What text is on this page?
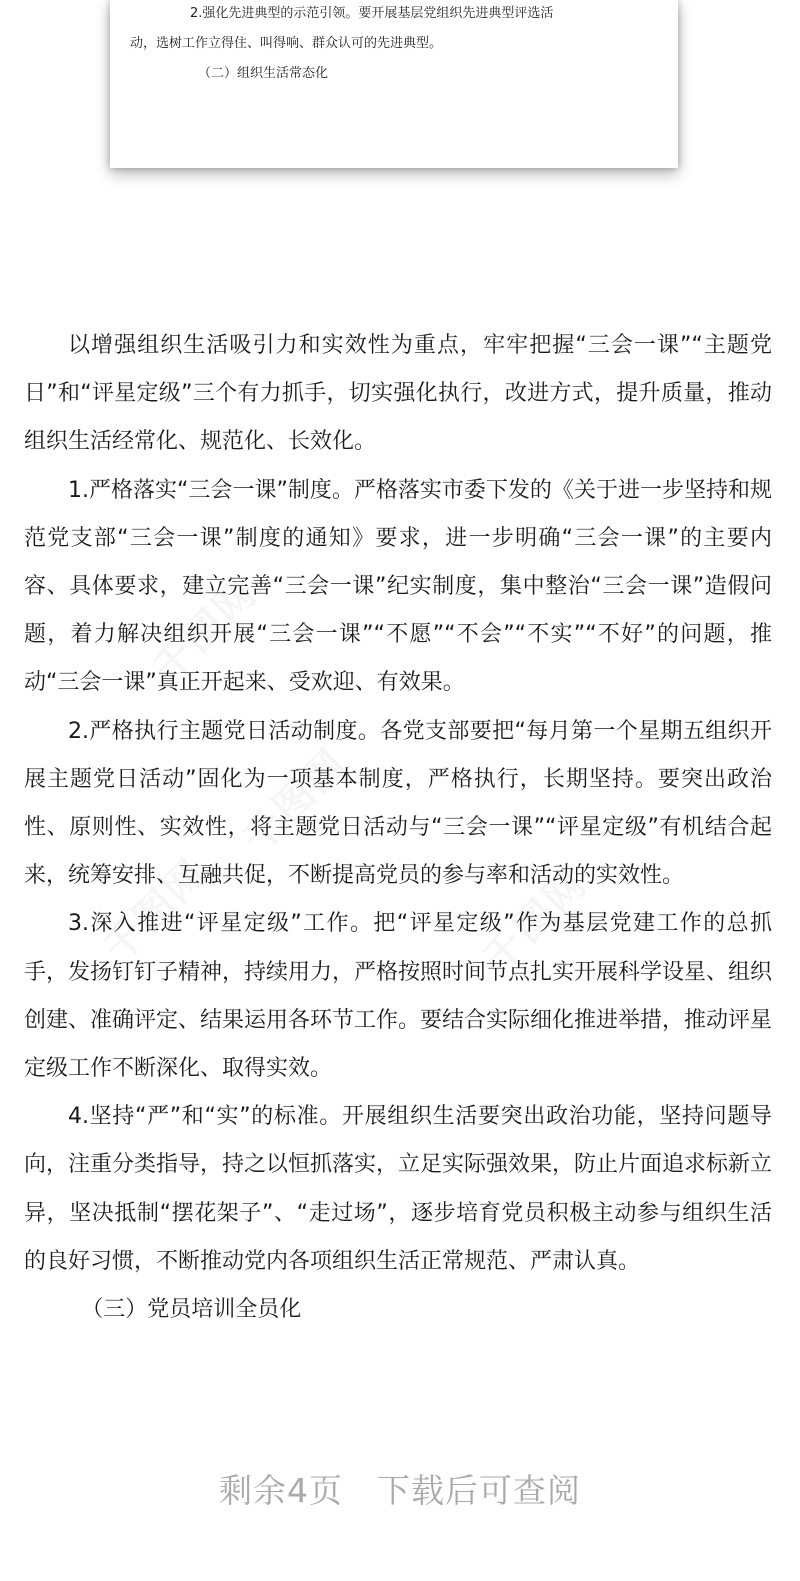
2.强化先进典型的示范引领。要开展基层党组织先进典型评选活
动，选树工作立得住、叫得响、群众认可的先进典型。
（二）组织生活常态化
千图网
千图网
千图网	千图网

以增强组织生活吸引力和实效性为重点，牢牢把握“三会一课”“主题党日”和“评星定级”三个有力抓手，切实强化执行，改进方式，提升质量，推动组织生活经常化、规范化、长效化。

1.严格落实“三会一课”制度。严格落实市委下发的《关于进一步坚持和规范党支部“三会一课”制度的通知》要求，进一步明确“三会一课”的主要内容、具体要求，建立完善“三会一课”纪实制度，集中整治“三会一课”造假问题，着力解决组织开展“三会一课”“不愿”“不会”“不实”“不好”的问题，推动“三会一课”真正开起来、受欢迎、有效果。

2.严格执行主题党日活动制度。各党支部要把“每月第一个星期五组织开展主题党日活动”固化为一项基本制度，严格执行，长期坚持。要突出政治性、原则性、实效性，将主题党日活动与“三会一课”“评星定级”有机结合起来，统筹安排、互融共促，不断提高党员的参与率和活动的实效性。

3.深入推进“评星定级”工作。把“评星定级”作为基层党建工作的总抓手，发扬钉钉子精神，持续用力，严格按照时间节点扎实开展科学设星、组织创建、准确评定、结果运用各环节工作。要结合实际细化推进举措，推动评星定级工作不断深化、取得实效。

4.坚持“严”和“实”的标准。开展组织生活要突出政治功能，坚持问题导向，注重分类指导，持之以恒抓落实，立足实际强效果，防止片面追求标新立异，坚决抵制“摆花架子”、“走过场”，逐步培育党员积极主动参与组织生活的良好习惯，不断推动党内各项组织生活正常规范、严肃认真。

（三）党员培训全员化

剩余4页 下载后可查阅
